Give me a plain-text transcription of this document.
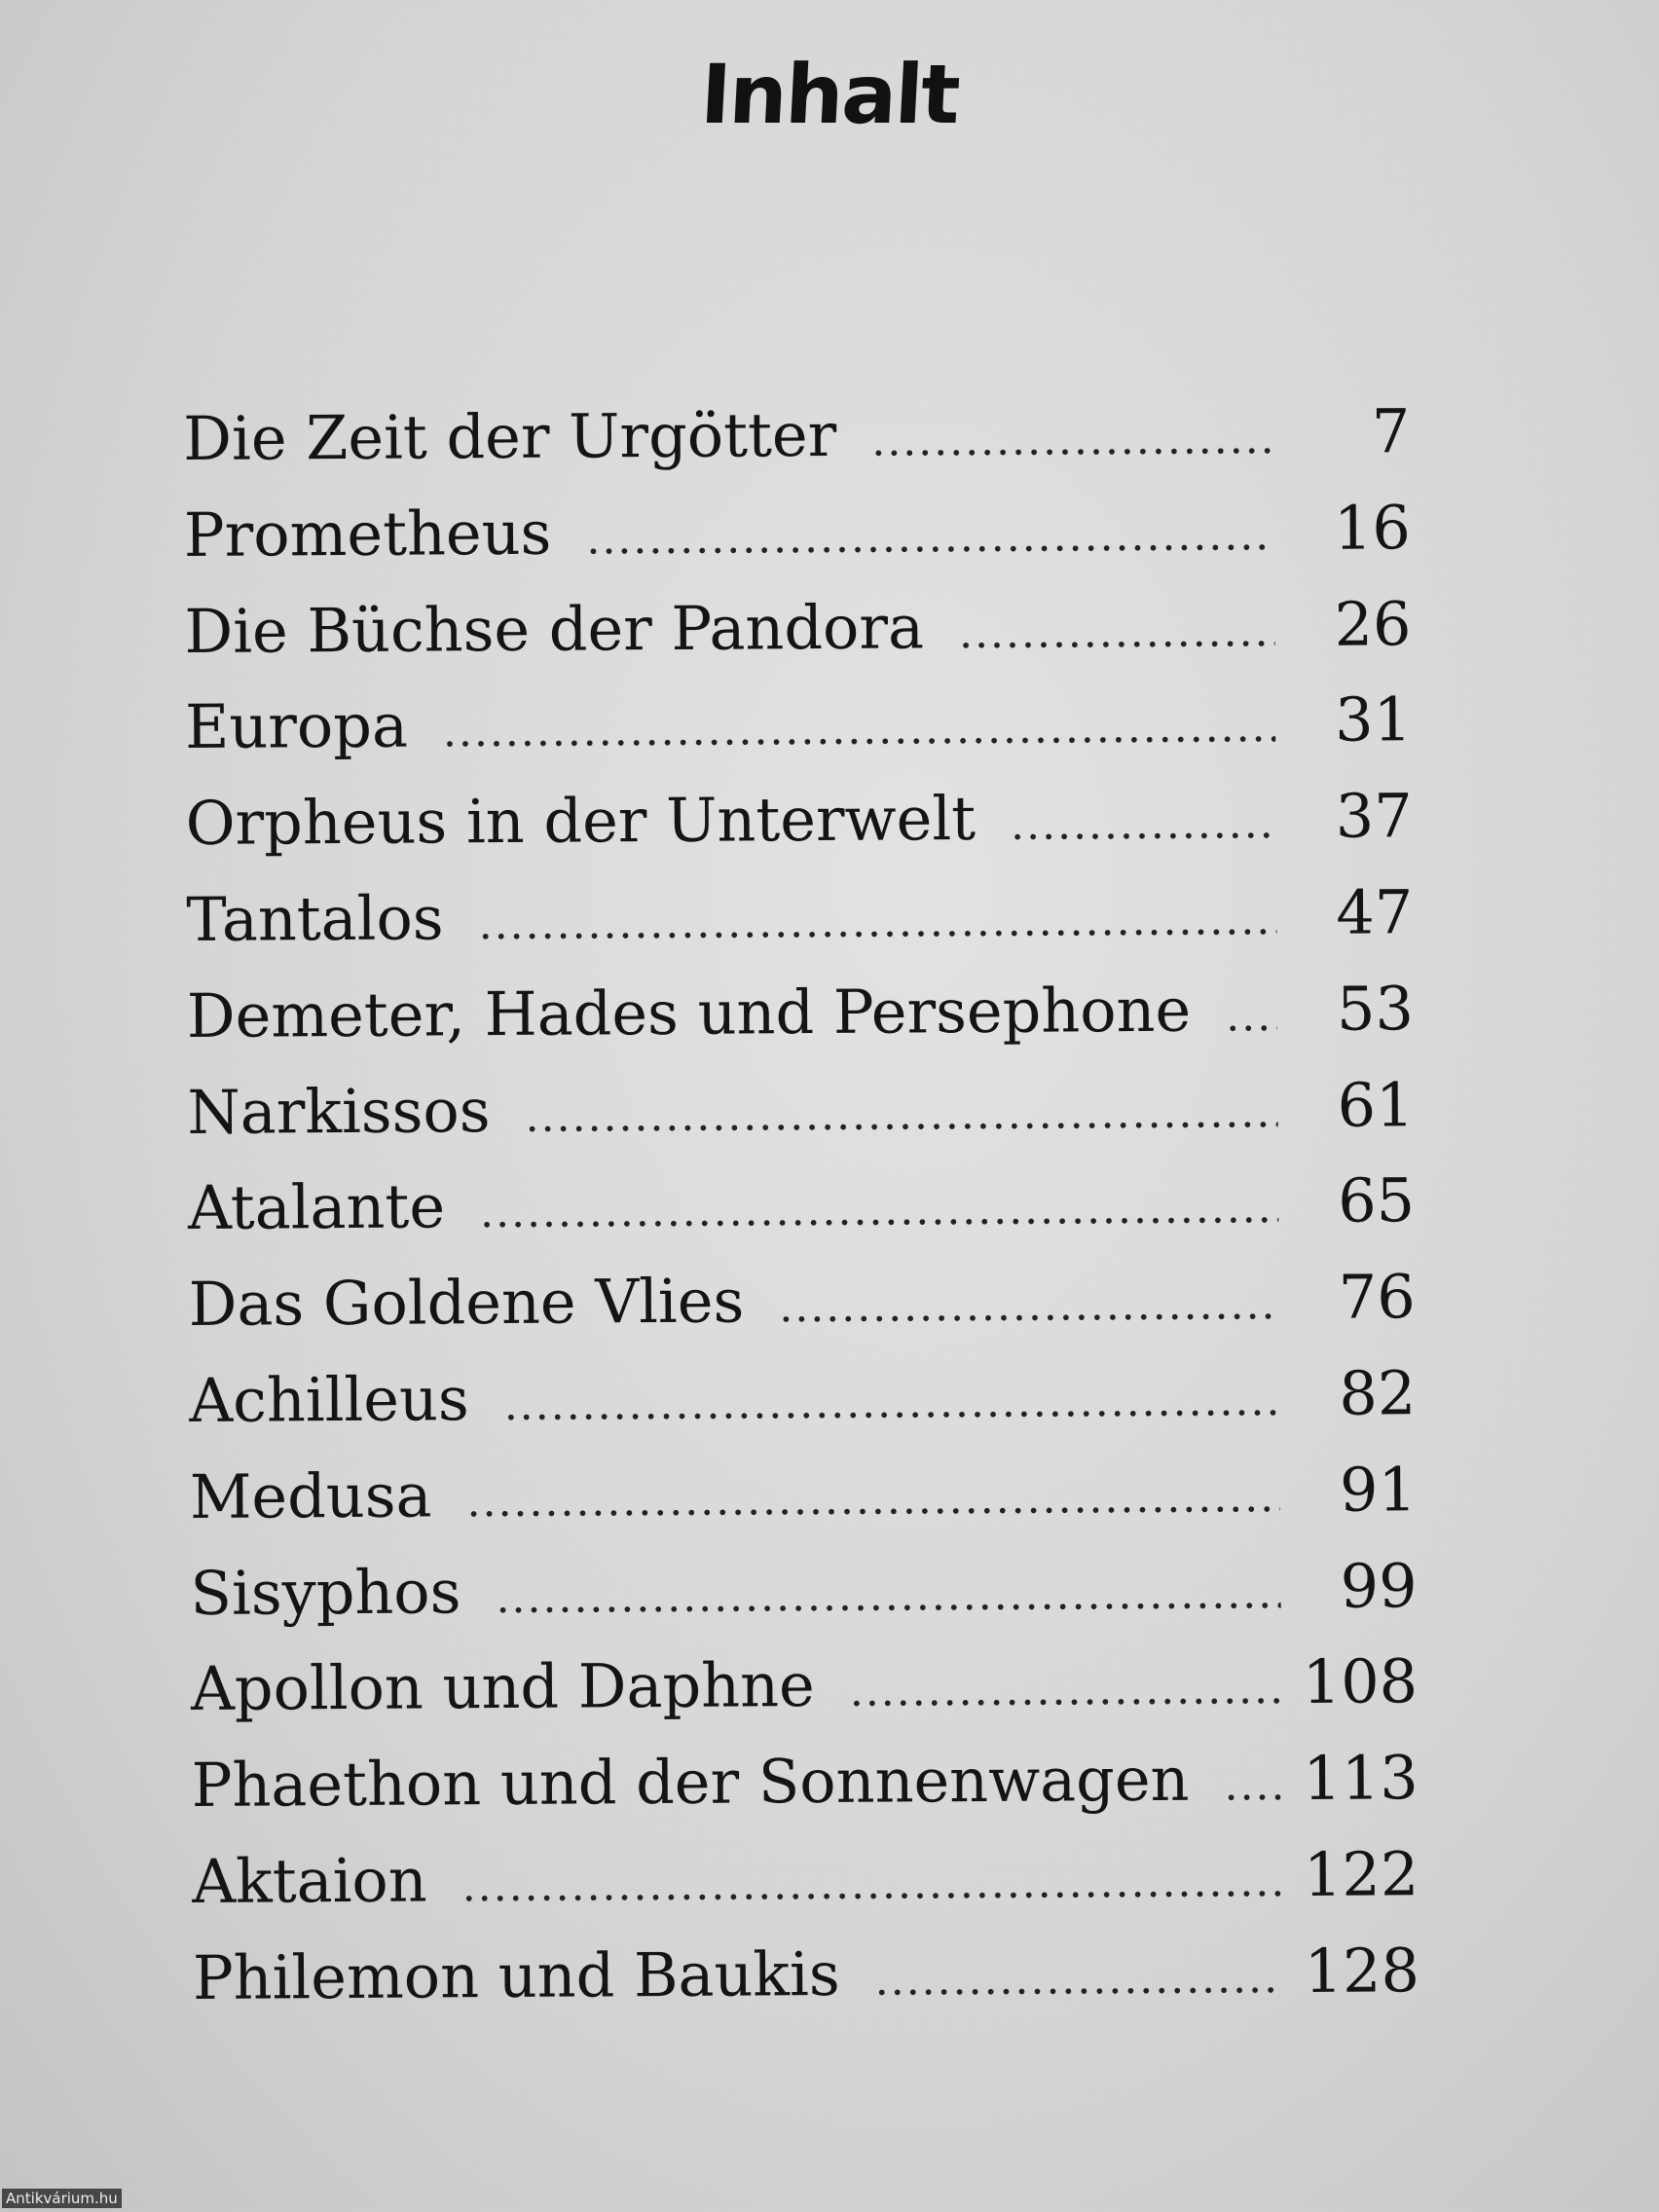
Inhalt
Die Zeit der Urgötter . . .	7
Prometheus . . .	16
Die Büchse der Pandora . . .	26
Europa . . .	31
Orpheus in der Unterwelt . . .	37
Tantalos . . .	47
Demeter, Hades und Persephone . . .	53
Narkissos . . .	61
Atalante . . .	65
Das Goldene Vlies . . .	76
Achilleus . . .	82
Medusa . . .	91
Sisyphos . . .	99
Apollon und Daphne . . .	108
Phaethon und der Sonnenwagen . . .	113
Aktaion . . .	122
Philemon und Baukis . . .	128
Antikvárium.hu
